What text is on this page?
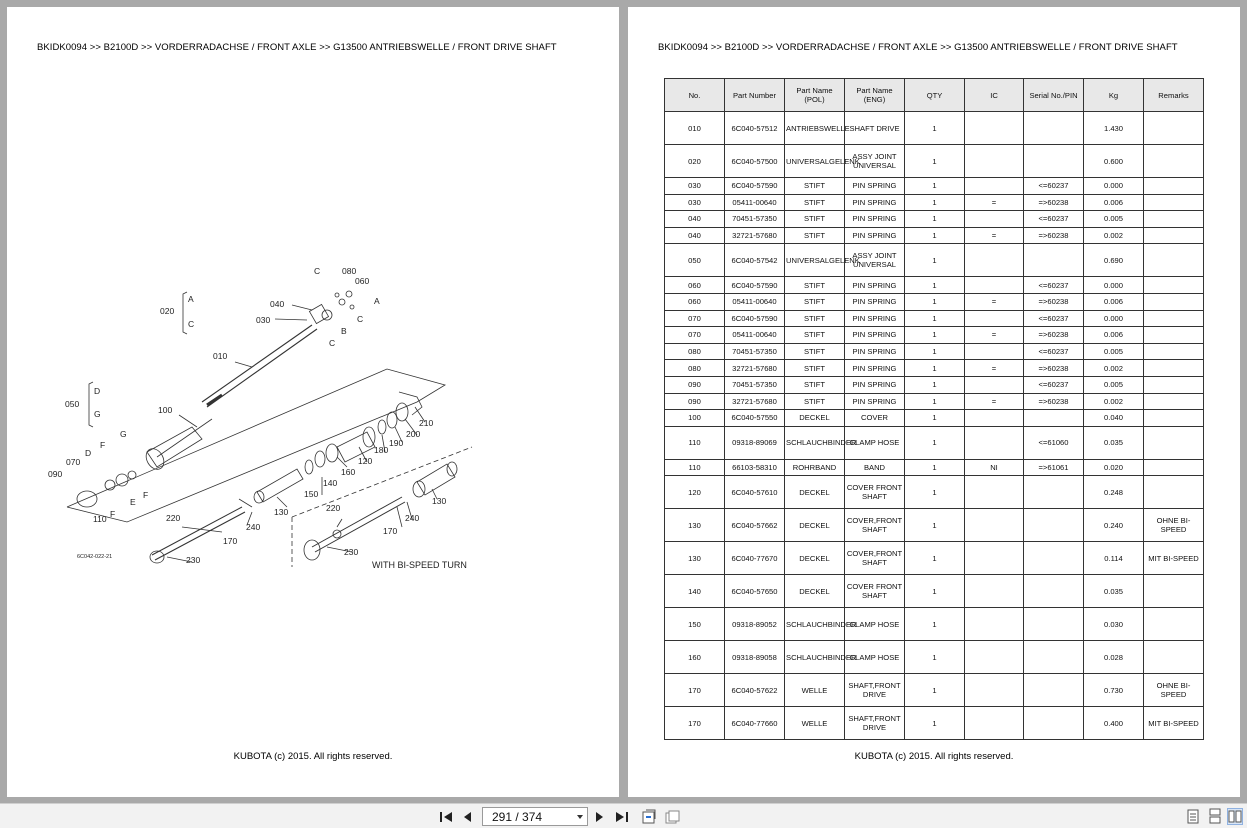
BKIDK0094 >> B2100D >> VORDERRADACHSE / FRONT AXLE >> G13500 ANTRIEBSWELLE / FRONT DRIVE SHAFT
010
020
030
040
050
060
070
080
090
100
110
120
130
140
150
160
170
180
190
200
210
220
230
240
220
230
170
240
130
A
C
C
A
B
C
C
D
G
G
F
D
F
E
F
6C042-022-21
WITH BI-SPEED TURN
KUBOTA (c) 2015. All rights reserved.
BKIDK0094 >> B2100D >> VORDERRADACHSE / FRONT AXLE >> G13500 ANTRIEBSWELLE / FRONT DRIVE SHAFT
No.	Part Number	Part Name (POL)	Part Name (ENG)	QTY	IC	Serial No./PIN	Kg	Remarks
010	6C040-57512	ANTRIEBSWELLE	SHAFT DRIVE	1			1.430	
020	6C040-57500	UNIVERSALGELENK	ASSY JOINT UNIVERSAL	1			0.600	
030	6C040-57590	STIFT	PIN SPRING	1		<=60237	0.000	
030	05411-00640	STIFT	PIN SPRING	1	=	=>60238	0.006	
040	70451-57350	STIFT	PIN SPRING	1		<=60237	0.005	
040	32721-57680	STIFT	PIN SPRING	1	=	=>60238	0.002	
050	6C040-57542	UNIVERSALGELENK	ASSY JOINT UNIVERSAL	1			0.690	
060	6C040-57590	STIFT	PIN SPRING	1		<=60237	0.000	
060	05411-00640	STIFT	PIN SPRING	1	=	=>60238	0.006	
070	6C040-57590	STIFT	PIN SPRING	1		<=60237	0.000	
070	05411-00640	STIFT	PIN SPRING	1	=	=>60238	0.006	
080	70451-57350	STIFT	PIN SPRING	1		<=60237	0.005	
080	32721-57680	STIFT	PIN SPRING	1	=	=>60238	0.002	
090	70451-57350	STIFT	PIN SPRING	1		<=60237	0.005	
090	32721-57680	STIFT	PIN SPRING	1	=	=>60238	0.002	
100	6C040-57550	DECKEL	COVER	1			0.040	
110	09318-89069	SCHLAUCHBINDER	CLAMP HOSE	1		<=61060	0.035	
110	66103-58310	ROHRBAND	BAND	1	NI	=>61061	0.020	
120	6C040-57610	DECKEL	COVER FRONT SHAFT	1			0.248	
130	6C040-57662	DECKEL	COVER,FRONT SHAFT	1			0.240	OHNE BI-SPEED
130	6C040-77670	DECKEL	COVER,FRONT SHAFT	1			0.114	MIT BI-SPEED
140	6C040-57650	DECKEL	COVER FRONT SHAFT	1			0.035	
150	09318-89052	SCHLAUCHBINDER	CLAMP HOSE	1			0.030	
160	09318-89058	SCHLAUCHBINDER	CLAMP HOSE	1			0.028	
170	6C040-57622	WELLE	SHAFT,FRONT DRIVE	1			0.730	OHNE BI-SPEED
170	6C040-77660	WELLE	SHAFT,FRONT DRIVE	1			0.400	MIT BI-SPEED
KUBOTA (c) 2015. All rights reserved.
291 / 374
